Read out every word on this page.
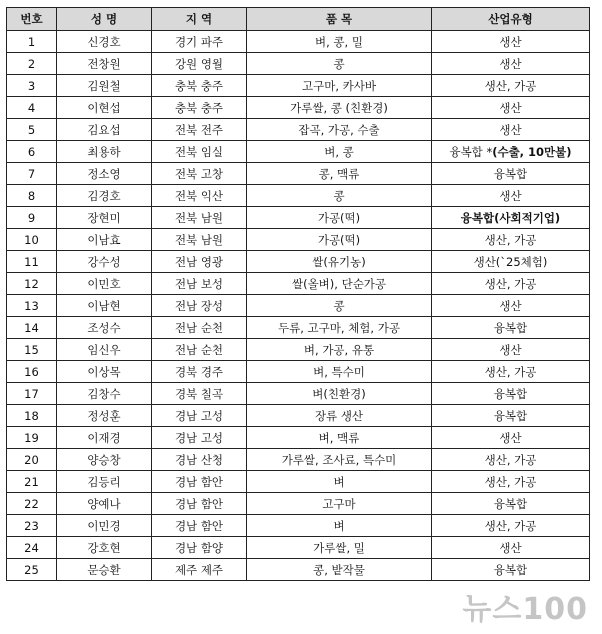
번호	성 명	지 역	품 목	산업유형
1	신경호	경기 파주	벼, 콩, 밀	생산
2	전창원	강원 영월	콩	생산
3	김원철	충북 충주	고구마, 카사바	생산, 가공
4	이현섭	충북 충주	가루쌀, 콩 (친환경)	생산
5	김요섭	전북 전주	잡곡, 가공, 수출	생산
6	최용하	전북 임실	벼, 콩	융복합 *(수출, 10만불)
7	정소영	전북 고창	콩, 맥류	융복합
8	김경호	전북 익산	콩	생산
9	장현미	전북 남원	가공(떡)	융복합(사회적기업)
10	이남효	전북 남원	가공(떡)	생산, 가공
11	강수성	전남 영광	쌀(유기농)	생산(`25체험)
12	이민호	전남 보성	쌀(올벼), 단순가공	생산, 가공
13	이남현	전남 장성	콩	생산
14	조성수	전남 순천	두류, 고구마, 체험, 가공	융복합
15	임신우	전남 순천	벼, 가공, 유통	생산
16	이상목	경북 경주	벼, 특수미	생산, 가공
17	김창수	경북 칠곡	벼(친환경)	융복합
18	정성훈	경남 고성	장류 생산	융복합
19	이재경	경남 고성	벼, 맥류	생산
20	양승창	경남 산청	가루쌀, 조사료, 특수미	생산, 가공
21	김등리	경남 함안	벼	생산, 가공
22	양예나	경남 함안	고구마	융복합
23	이민경	경남 함안	벼	생산, 가공
24	강호현	경남 함양	가루쌀, 밀	생산
25	문승환	제주 제주	콩, 밭작물	융복합
뉴스100
